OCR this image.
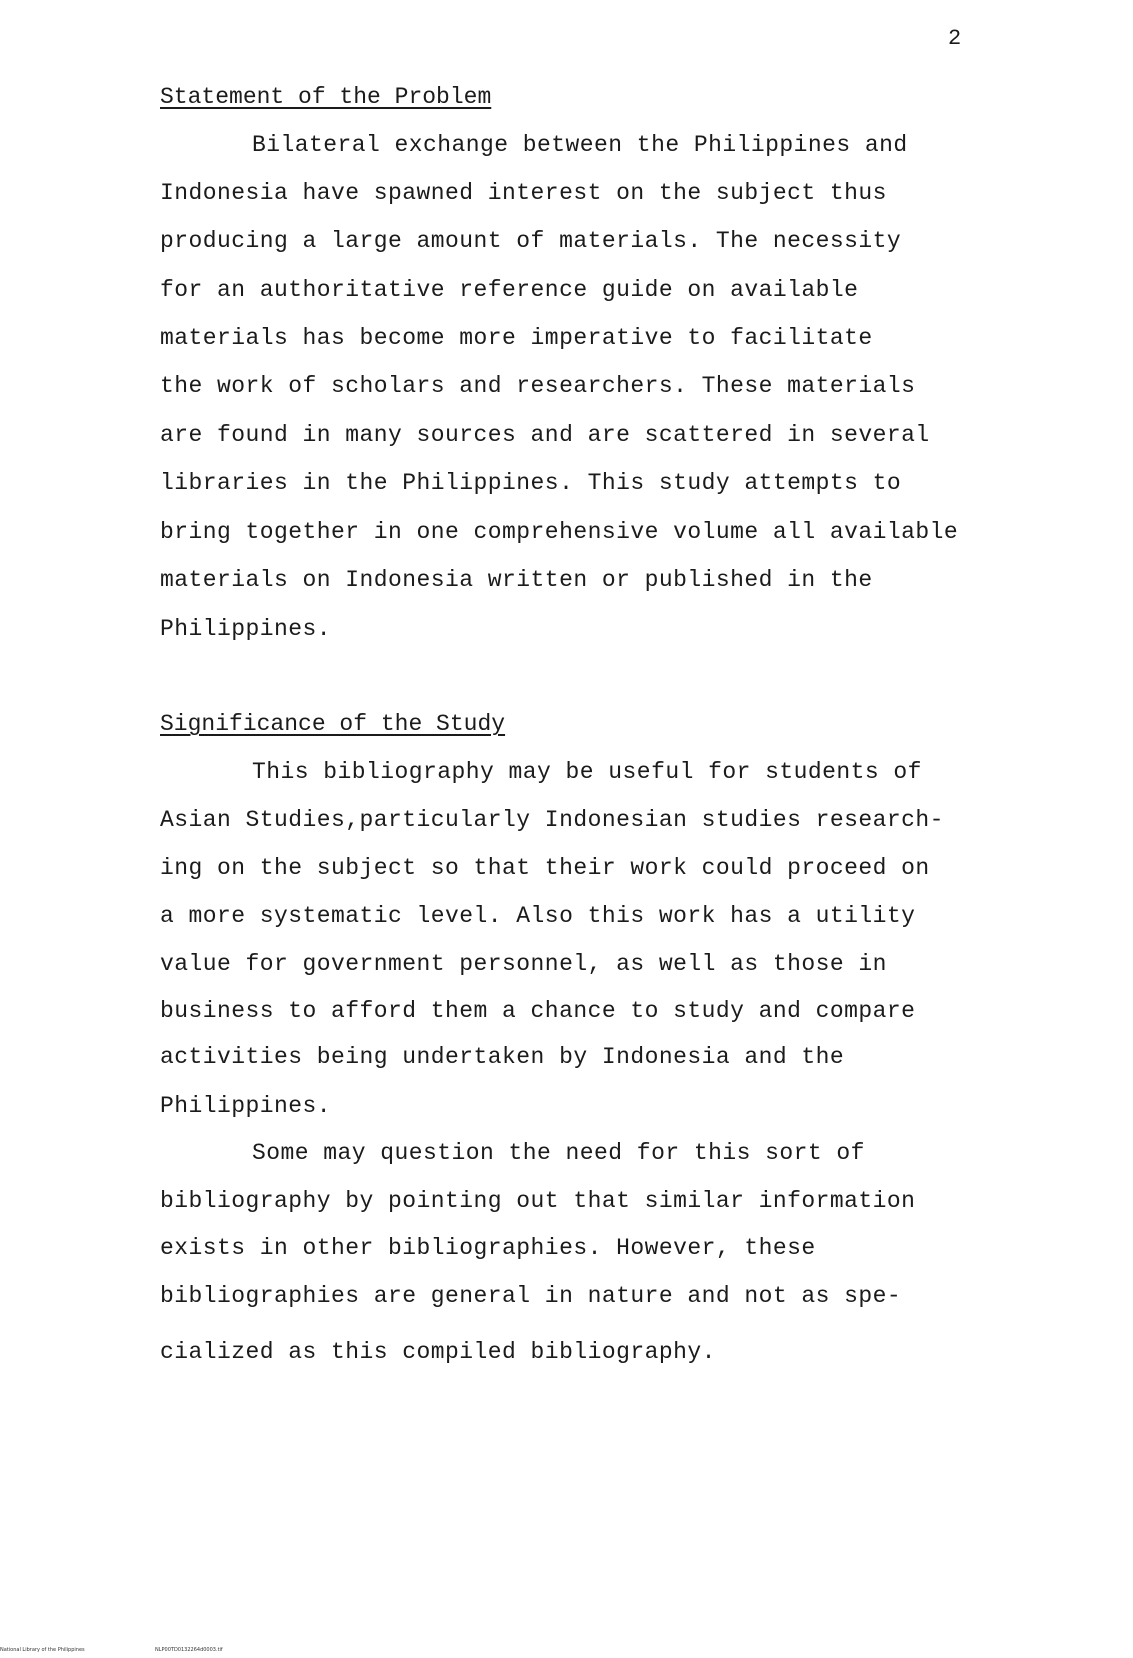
2
Statement of the Problem
Bilateral exchange between the Philippines and
Indonesia have spawned interest on the subject thus
producing a large amount of materials. The necessity
for an authoritative reference guide on available
materials has become more imperative to facilitate
the work of scholars and researchers. These materials
are found in many sources and are scattered in several
libraries in the Philippines. This study attempts to
bring together in one comprehensive volume all available
materials on Indonesia written or published in the
Philippines.
Significance of the Study
This bibliography may be useful for students of
Asian Studies,particularly Indonesian studies research-
ing on the subject so that their work could proceed on
a more systematic level. Also this work has a utility
value for government personnel, as well as those in
business to afford them a chance to study and compare
activities being undertaken by Indonesia and the
Philippines.
Some may question the need for this sort of
bibliography by pointing out that similar information
exists in other bibliographies. However, these
bibliographies are general in nature and not as spe-
cialized as this compiled bibliography.
National Library of the Philippines	NLP00TD0132264d0003.tif
